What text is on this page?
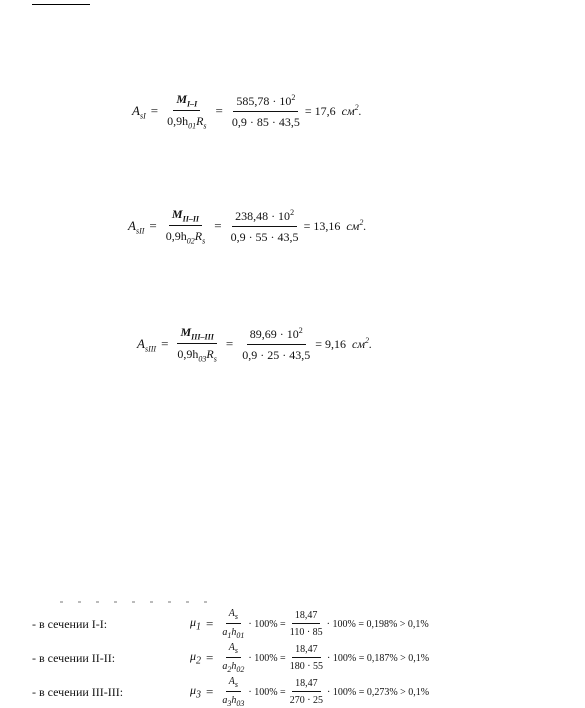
$A_{sI} = \frac{M_{I-I}}{0,9h_{01}R_s} = \frac{585,78 \cdot 10^2}{0,9 \cdot 85 \cdot 43,5} = 17,6$ $см^2$.
$A_{sII} = \frac{M_{II-II}}{0,9h_{02}R_s} = \frac{238,48 \cdot 10^2}{0,9 \cdot 55 \cdot 43,5} = 13,16$ $см^2$.
$A_{sIII} = \frac{M_{III-III}}{0,9h_{03}R_s} = \frac{89,69 \cdot 10^2}{0,9 \cdot 25 \cdot 43,5} = 9,16$ $см^2$.
- в сечении I-I:	$\mu_1 = \frac{A_s}{a_1h_{01}} \cdot 100\% = \frac{18,47}{110 \cdot 85} \cdot 100\% = 0,198\% > 0,1\%$
- в сечении II-II:	$\mu_2 = \frac{A_s}{a_2h_{02}} \cdot 100\% = \frac{18,47}{180 \cdot 55} \cdot 100\% = 0,187\% > 0,1\%$
- в сечении III-III:	$\mu_3 = \frac{A_s}{a_3h_{03}} \cdot 100\% = \frac{18,47}{270 \cdot 25} \cdot 100\% = 0,273\% > 0,1\%$
